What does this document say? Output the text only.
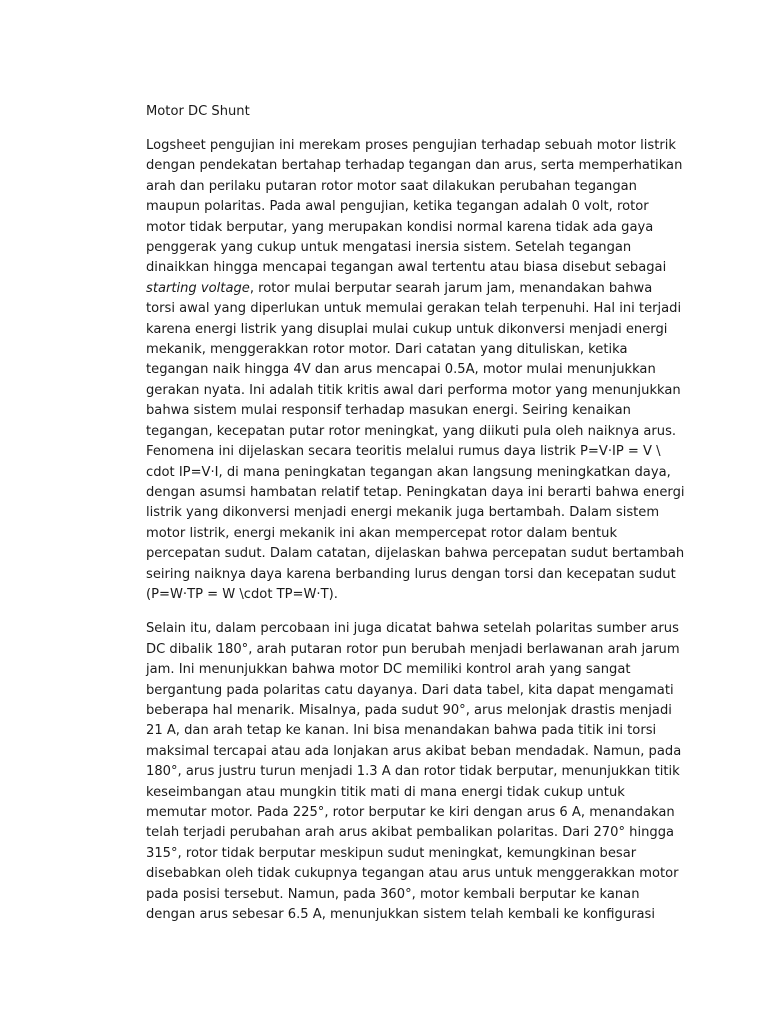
Motor DC Shunt
Logsheet pengujian ini merekam proses pengujian terhadap sebuah motor listrik
dengan pendekatan bertahap terhadap tegangan dan arus, serta memperhatikan
arah dan perilaku putaran rotor motor saat dilakukan perubahan tegangan
maupun polaritas. Pada awal pengujian, ketika tegangan adalah 0 volt, rotor
motor tidak berputar, yang merupakan kondisi normal karena tidak ada gaya
penggerak yang cukup untuk mengatasi inersia sistem. Setelah tegangan
dinaikkan hingga mencapai tegangan awal tertentu atau biasa disebut sebagai
starting voltage, rotor mulai berputar searah jarum jam, menandakan bahwa
torsi awal yang diperlukan untuk memulai gerakan telah terpenuhi. Hal ini terjadi
karena energi listrik yang disuplai mulai cukup untuk dikonversi menjadi energi
mekanik, menggerakkan rotor motor. Dari catatan yang dituliskan, ketika
tegangan naik hingga 4V dan arus mencapai 0.5A, motor mulai menunjukkan
gerakan nyata. Ini adalah titik kritis awal dari performa motor yang menunjukkan
bahwa sistem mulai responsif terhadap masukan energi. Seiring kenaikan
tegangan, kecepatan putar rotor meningkat, yang diikuti pula oleh naiknya arus.
Fenomena ini dijelaskan secara teoritis melalui rumus daya listrik P=V·IP = V \
cdot IP=V·I, di mana peningkatan tegangan akan langsung meningkatkan daya,
dengan asumsi hambatan relatif tetap. Peningkatan daya ini berarti bahwa energi
listrik yang dikonversi menjadi energi mekanik juga bertambah. Dalam sistem
motor listrik, energi mekanik ini akan mempercepat rotor dalam bentuk
percepatan sudut. Dalam catatan, dijelaskan bahwa percepatan sudut bertambah
seiring naiknya daya karena berbanding lurus dengan torsi dan kecepatan sudut
(P=W·TP = W \cdot TP=W·T).
Selain itu, dalam percobaan ini juga dicatat bahwa setelah polaritas sumber arus
DC dibalik 180°, arah putaran rotor pun berubah menjadi berlawanan arah jarum
jam. Ini menunjukkan bahwa motor DC memiliki kontrol arah yang sangat
bergantung pada polaritas catu dayanya. Dari data tabel, kita dapat mengamati
beberapa hal menarik. Misalnya, pada sudut 90°, arus melonjak drastis menjadi
21 A, dan arah tetap ke kanan. Ini bisa menandakan bahwa pada titik ini torsi
maksimal tercapai atau ada lonjakan arus akibat beban mendadak. Namun, pada
180°, arus justru turun menjadi 1.3 A dan rotor tidak berputar, menunjukkan titik
keseimbangan atau mungkin titik mati di mana energi tidak cukup untuk
memutar motor. Pada 225°, rotor berputar ke kiri dengan arus 6 A, menandakan
telah terjadi perubahan arah arus akibat pembalikan polaritas. Dari 270° hingga
315°, rotor tidak berputar meskipun sudut meningkat, kemungkinan besar
disebabkan oleh tidak cukupnya tegangan atau arus untuk menggerakkan motor
pada posisi tersebut. Namun, pada 360°, motor kembali berputar ke kanan
dengan arus sebesar 6.5 A, menunjukkan sistem telah kembali ke konfigurasi
